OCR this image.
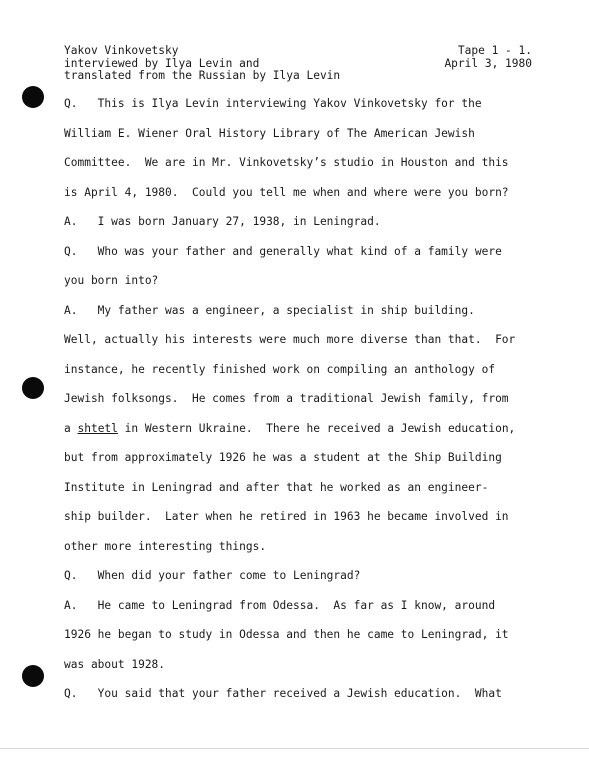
Yakov Vinkovetsky
interviewed by Ilya Levin and
translated from the Russian by Ilya Levin
Tape 1 - 1.
April 3, 1980
Q.   This is Ilya Levin interviewing Yakov Vinkovetsky for the
William E. Wiener Oral History Library of The American Jewish
Committee.  We are in Mr. Vinkovetsky’s studio in Houston and this
is April 4, 1980.  Could you tell me when and where were you born?
A.   I was born January 27, 1938, in Leningrad.
Q.   Who was your father and generally what kind of a family were
you born into?
A.   My father was a engineer, a specialist in ship building.
Well, actually his interests were much more diverse than that.  For
instance, he recently finished work on compiling an anthology of
Jewish folksongs.  He comes from a traditional Jewish family, from
a shtetl in Western Ukraine.  There he received a Jewish education,
but from approximately 1926 he was a student at the Ship Building
Institute in Leningrad and after that he worked as an engineer-
ship builder.  Later when he retired in 1963 he became involved in
other more interesting things.
Q.   When did your father come to Leningrad?
A.   He came to Leningrad from Odessa.  As far as I know, around
1926 he began to study in Odessa and then he came to Leningrad, it
was about 1928.
Q.   You said that your father received a Jewish education.  What
